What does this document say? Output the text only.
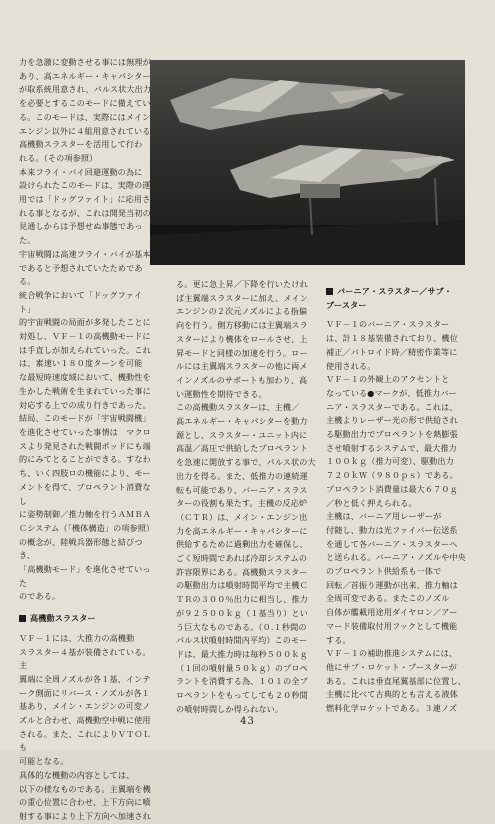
力を急激に変動させる事には無理が
あり、高エネルギー・キャパシター
が取系統用意され、パルス状大出力
を必要とするこのモードに備えてい
る。このモードは、実際にはメイン
エンジン以外に４組用意されている
高機動スラスターを活用して行わ
れる。（その項参照）

本来フライ・バイ回避運動の為に
設けられたこのモードは、実際の運
用では「ドッグファイト」に応用さ
れる事となるが、これは開発当初の
見通しからは予想せぬ事態であった。
宇宙戦闘は高速フライ・バイが基本
であると予想されていたためである。
統合戦争において「ドッグファイト」
的宇宙戦闘の局面が多発したことに
対処し、ＶＦ－１の高機動モードに
は手直しが加えられていった。これ
は、素速い１８０度ターンを可能
な最短時速度域において、機動性を
生かした戦術を生まれていった事に
対応する上での成り行きであった。
結局、このモードが「宇宙戦闘機」
を進化させていった事情は　マクロ
スより発見された戦闘ポッドにも端
的にみてとることができる。すなわ
ち、いく四肢ロの機能により、モー
メントを得て、プロペラント消費なし
に姿勢制御／推力軸を行うＡＭＢＡ
Ｃシステム（「機体構造」の項参照）
の概念が、陸戦兵器形態と結びつき、
「高機動モード」を進化させていった
のである。

高機動スラスター

ＶＦ－１には、大推力の高機動
スラスター４基が装備されている。主
翼端に全周ノズルが各１基、インテ
ーク側面にリバース・ノズルが各１
基あり、メイン・エンジンの可変ノ
ズルと合わせ、高機動空中戦に使用
される。また、これによりＶＴＯＬも
可能となる。

具体的な機動の内容としては、
以下の様なものである。主翼端を機
の重心位置に合わせ、上下方向に噴
射する事により上下方向へ加速され

る。更に急上昇／下降を行いたけれ
ば主翼端スラスターに加え、メイン
エンジンの２次元ノズルによる指偏
向を行う。側方移動には主翼端スラ
スターにより機体をロールさせ、上
昇モードと同様の加速を行う。ロー
ルには主翼端スラスターの他に両メ
インノズルのサポートも加わり、高
い運動性を期待できる。

この高機動スラスターは、主機／
高エネルギー・キャパシターを動力
源とし、スラスター・ユニット内に
高温／高圧で供給したプロペラント
を急速に開放する事で、パルス状の大
出力を得る。また、低推力の連続運
転も可能であり、バーニア・スラス
ターの役割も果たす。主機の反応炉
（ＣＴＲ）は、メイン・エンジン出
力を高エネルギー・キャパシターに
供給するために過剰出力を確保し、
ごく短時間であれば冷却システムの
許容限界にある。高機動スラスター
の駆動出力は噴射時間平均で主機Ｃ
ＴＲの３００％出力に相当し、推力
が９２５００ｋｇ（１基当り）とい
う巨大なものである。（０.１秒間の
パルス状噴射時間内平均）このモー
ドは、最大推力時は毎秒５００ｋｇ
（１回の噴射量５０ｋｇ）のプロペ
ラントを消費する為、１０１の全ブ
ロペラントをもってしても２０秒間
の噴射時間しか得られない。

バーニア・スラスター／サブ・
ブースター

ＶＦ－１のバーニア・スラスター
は、計１８基装備されており、機位
補正／バトロイド時／精密作業等に
使用される。

ＶＦ－１の外観上のアクセントと
なっている●マークが、低推力バー
ニア・スラスターである。これは、
主機よりレーザー光の形で供給され
る駆動出力でプロペラントを熱膨張
させ噴射するシステムで、最大推力
１００ｋｇ（推力可変）、駆動出力
７２０ｋＷ（９８０ｐｓ）である。
プロペラント消費量は最大６７０ｇ
／秒と低く押えられる。

主機は、バーニア用レーザーが
付随し、動力は光ファイバー伝送系
を通して各バーニア・スラスターへ
と送られる。バーニア・ノズルや中央
のプロペラント供給系も一体で
回転／首振り運動が出来、推力軸は
全周可変である。またこのノズル
自体が艦載用途用ダイヤロン／アー
マード装備取付用フックとして機能
する。

ＶＦ－１の補助推進システムには、
他にサブ・ロケット・ブースターが
ある。これは垂直尾翼基部に位置し、
主機に比べて古典的とも言える液体
燃料化学ロケットである。３連ノズ

43
